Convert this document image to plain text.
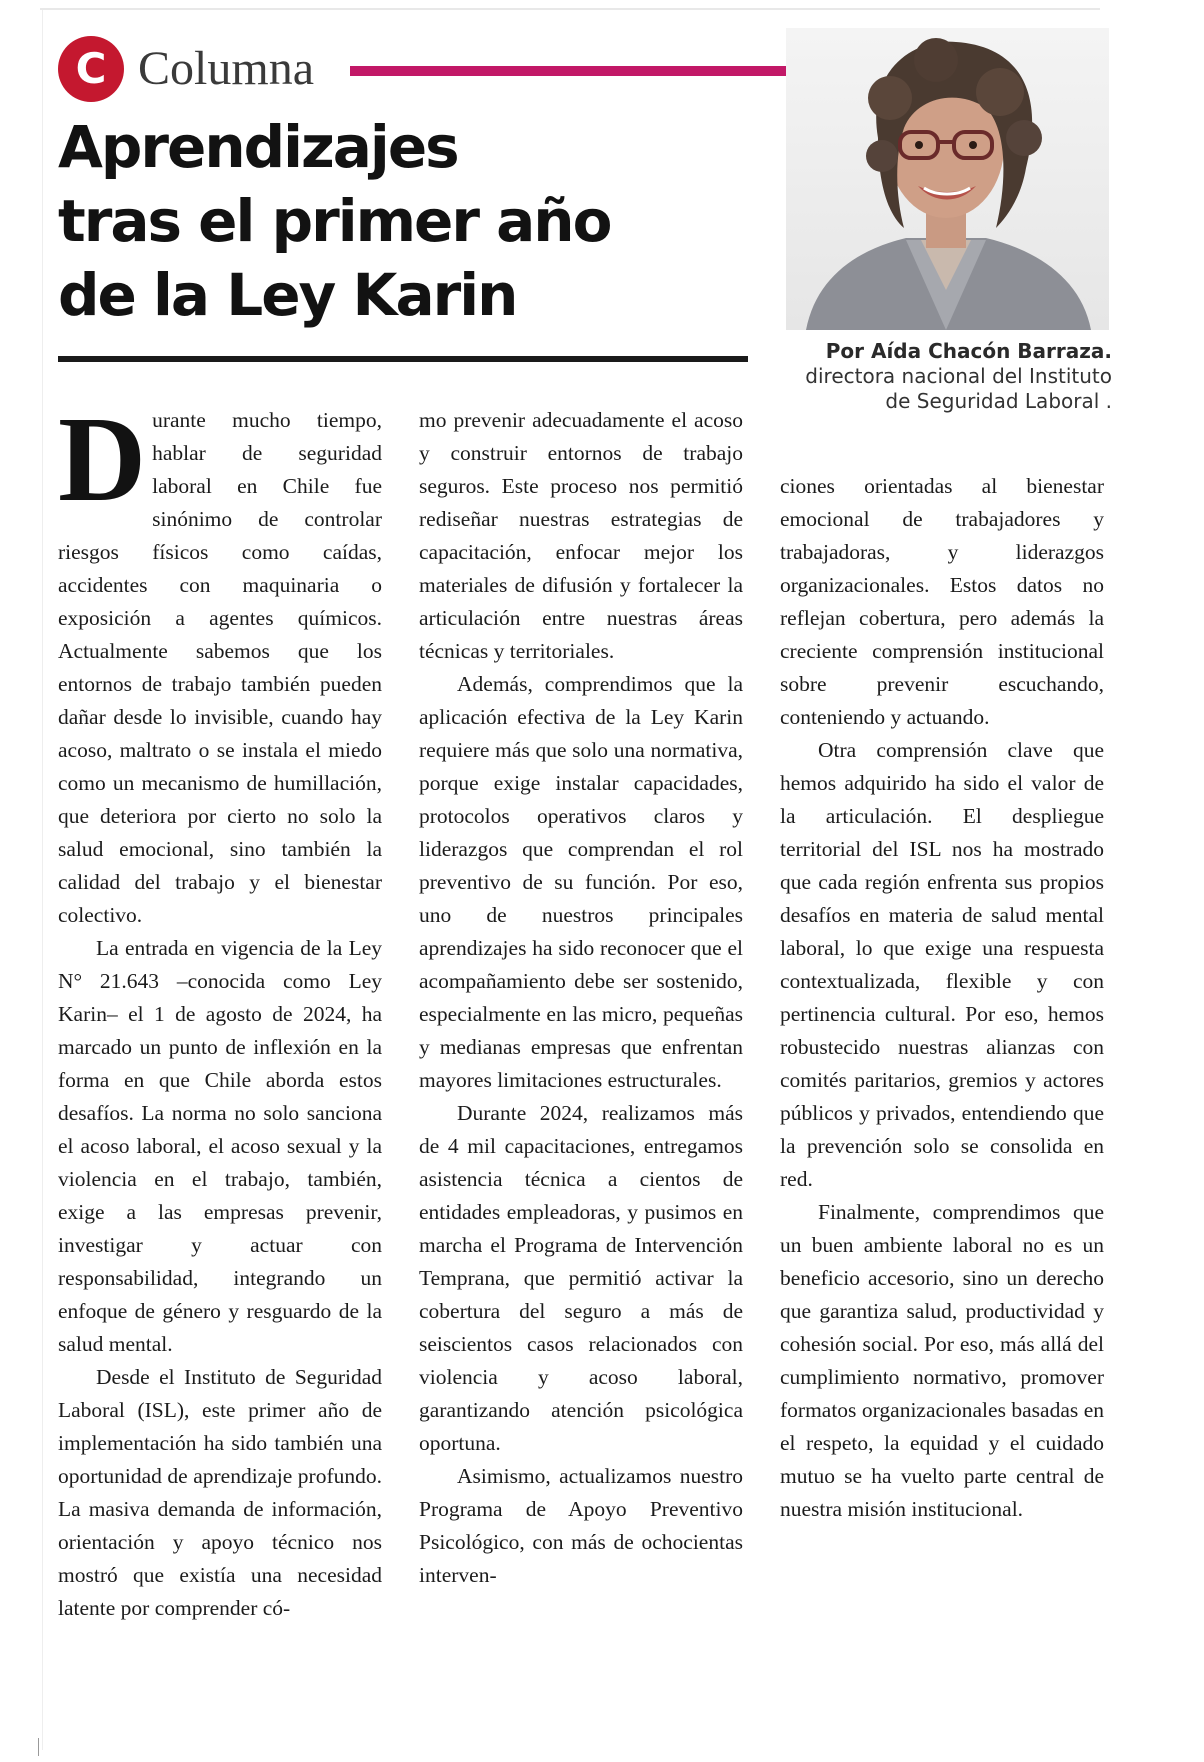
C Columna
Aprendizajes
tras el primer año
de la Ley Karin
Por Aída Chacón Barraza.
directora nacional del Instituto
de Seguridad Laboral .

Durante mucho tiempo, hablar de seguridad laboral en Chile fue sinónimo de controlar riesgos físicos como caídas, accidentes con maquinaria o exposición a agentes químicos. Actualmente sabemos que los entornos de trabajo también pueden dañar desde lo invisible, cuando hay acoso, maltrato o se instala el miedo como un mecanismo de humillación, que deteriora por cierto no solo la salud emocional, sino también la calidad del trabajo y el bienestar colectivo.

La entrada en vigencia de la Ley N° 21.643 –conocida como Ley Karin– el 1 de agosto de 2024, ha marcado un punto de inflexión en la forma en que Chile aborda estos desafíos. La norma no solo sanciona el acoso laboral, el acoso sexual y la violencia en el trabajo, también, exige a las empresas prevenir, investigar y actuar con responsabilidad, integrando un enfoque de género y resguardo de la salud mental.

Desde el Instituto de Seguridad Laboral (ISL), este primer año de implementación ha sido también una oportunidad de aprendizaje profundo. La masiva demanda de información, orientación y apoyo técnico nos mostró que existía una necesidad latente por comprender có-

mo prevenir adecuadamente el acoso y construir entornos de trabajo seguros. Este proceso nos permitió rediseñar nuestras estrategias de capacitación, enfocar mejor los materiales de difusión y fortalecer la articulación entre nuestras áreas técnicas y territoriales.

Además, comprendimos que la aplicación efectiva de la Ley Karin requiere más que solo una normativa, porque exige instalar capacidades, protocolos operativos claros y liderazgos que comprendan el rol preventivo de su función. Por eso, uno de nuestros principales aprendizajes ha sido reconocer que el acompañamiento debe ser sostenido, especialmente en las micro, pequeñas y medianas empresas que enfrentan mayores limitaciones estructurales.

Durante 2024, realizamos más de 4 mil capacitaciones, entregamos asistencia técnica a cientos de entidades empleadoras, y pusimos en marcha el Programa de Intervención Temprana, que permitió activar la cobertura del seguro a más de seiscientos casos relacionados con violencia y acoso laboral, garantizando atención psicológica oportuna.

Asimismo, actualizamos nuestro Programa de Apoyo Preventivo Psicológico, con más de ochocientas interven-

ciones orientadas al bienestar emocional de trabajadores y trabajadoras, y liderazgos organizacionales. Estos datos no reflejan cobertura, pero además la creciente comprensión institucional sobre prevenir escuchando, conteniendo y actuando.

Otra comprensión clave que hemos adquirido ha sido el valor de la articulación. El despliegue territorial del ISL nos ha mostrado que cada región enfrenta sus propios desafíos en materia de salud mental laboral, lo que exige una respuesta contextualizada, flexible y con pertinencia cultural. Por eso, hemos robustecido nuestras alianzas con comités paritarios, gremios y actores públicos y privados, entendiendo que la prevención solo se consolida en red.

Finalmente, comprendimos que un buen ambiente laboral no es un beneficio accesorio, sino un derecho que garantiza salud, productividad y cohesión social. Por eso, más allá del cumplimiento normativo, promover formatos organizacionales basadas en el respeto, la equidad y el cuidado mutuo se ha vuelto parte central de nuestra misión institucional.
